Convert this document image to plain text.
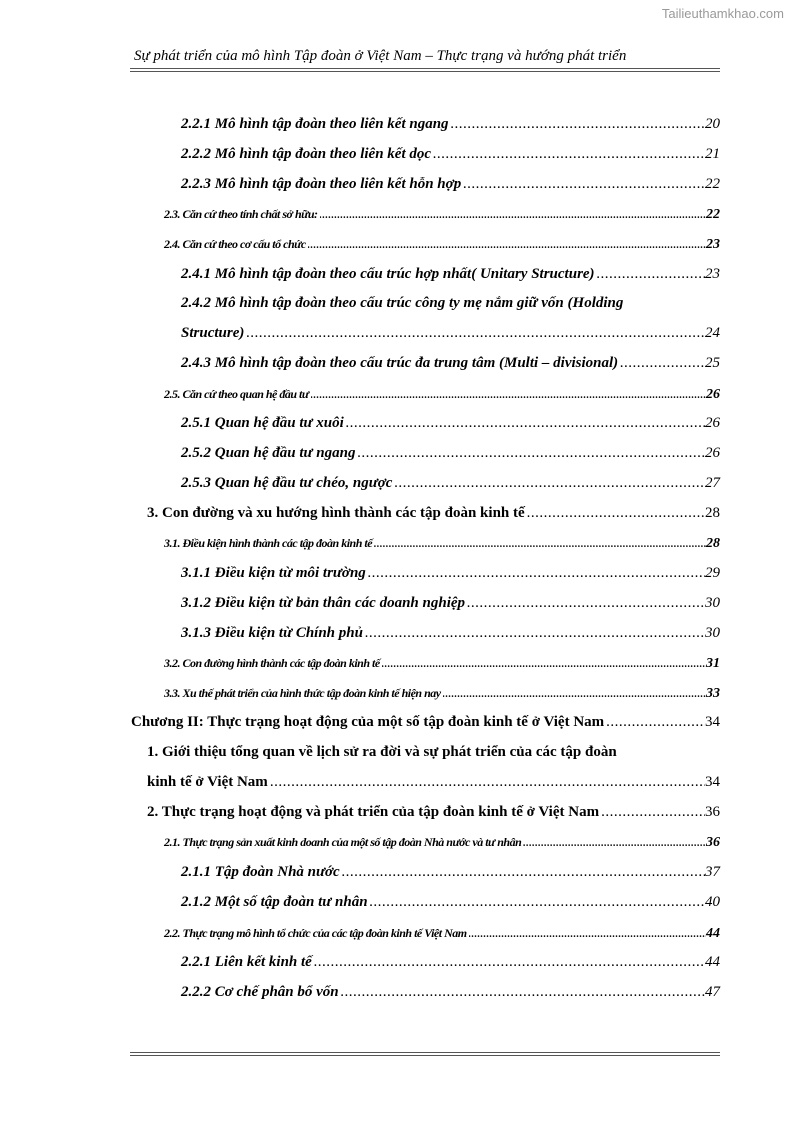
Tailieuthamkhao.com
Sự phát triển của mô hình Tập đoàn ở Việt Nam – Thực trạng và hướng phát triển
2.2.1 Mô hình tập đoàn theo liên kết ngang .....	20
2.2.2 Mô hình tập đoàn theo liên kết dọc .....	21
2.2.3 Mô hình tập đoàn theo liên kết hỗn hợp .....	22
2.3. Căn cứ theo tính chất sở hữu: .....	22
2.4. Căn cứ theo cơ cấu tổ chức .....	23
2.4.1 Mô hình tập đoàn theo cấu trúc hợp nhất( Unitary Structure) .....	23
2.4.2 Mô hình tập đoàn theo cấu trúc công ty mẹ nắm giữ vốn (Holding
Structure) .....	24
2.4.3 Mô hình tập đoàn theo cấu trúc đa trung tâm (Multi – divisional) .....	25
2.5. Căn cứ theo quan hệ đầu tư .....	26
2.5.1 Quan hệ đầu tư xuôi .....	26
2.5.2 Quan hệ đầu tư ngang .....	26
2.5.3 Quan hệ đầu tư chéo, ngược .....	27
3. Con đường và xu hướng hình thành các tập đoàn kinh tế .....	28
3.1. Điều kiện hình thành các tập đoàn kinh tế .....	28
3.1.1 Điều kiện từ môi trường .....	29
3.1.2 Điều kiện từ bản thân các doanh nghiệp .....	30
3.1.3 Điều kiện từ Chính phủ .....	30
3.2. Con đường hình thành các tập đoàn kinh tế .....	31
3.3. Xu thế phát triển của hình thức tập đoàn kinh tế hiện nay .....	33
Chương II: Thực trạng hoạt động của một số tập đoàn kinh tế ở Việt Nam .....	34
1. Giới thiệu tổng quan về lịch sử ra đời và sự phát triển của các tập đoàn
kinh tế ở Việt Nam .....	34
2. Thực trạng hoạt động và phát triển của tập đoàn kinh tế ở Việt Nam .....	36
2.1. Thực trạng sản xuất kinh doanh của một số tập đoàn Nhà nước và tư nhân .....	36
2.1.1 Tập đoàn Nhà nước .....	37
2.1.2 Một số tập đoàn tư nhân .....	40
2.2. Thực trạng mô hình tổ chức của các tập đoàn kinh tế Việt Nam .....	44
2.2.1 Liên kết kinh tế .....	44
2.2.2 Cơ chế phân bổ vốn .....	47
